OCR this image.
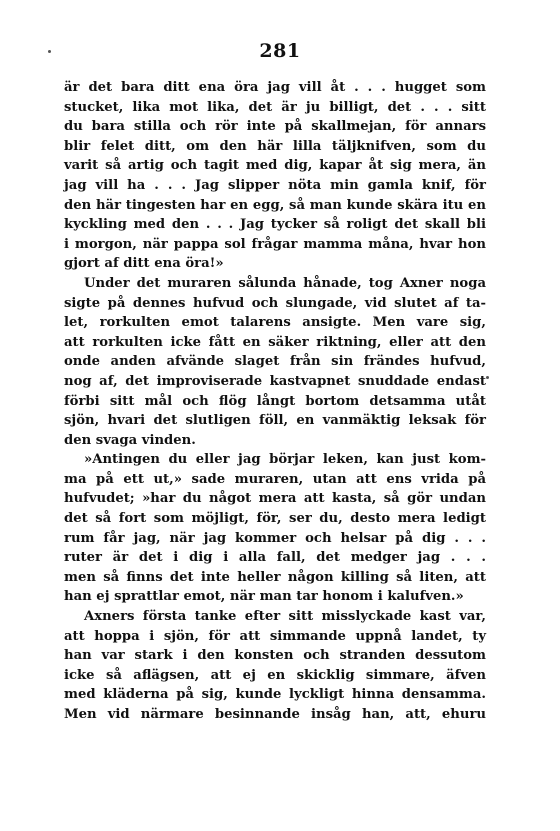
281
är det bara ditt ena öra jag vill åt . . . hugget som
stucket, lika mot lika, det är ju billigt, det . . . sitt
du bara stilla och rör inte på skallmejan, för annars
blir felet ditt, om den här lilla täljknifven, som du
varit så artig och tagit med dig, kapar åt sig mera, än
jag vill ha . . . Jag slipper nöta min gamla knif, för
den här tingesten har en egg, så man kunde skära itu en
kyckling med den . . . Jag tycker så roligt det skall bli
i morgon, när pappa sol frågar mamma måna, hvar hon
gjort af ditt ena öra!»
Under det muraren sålunda hånade, tog Axner noga
sigte på dennes hufvud och slungade, vid slutet af ta-
let, rorkulten emot talarens ansigte. Men vare sig,
att rorkulten icke fått en säker riktning, eller att den
onde anden afvände slaget från sin frändes hufvud,
nog af, det improviserade kastvapnet snuddade endast
förbi sitt mål och flög långt bortom detsamma utåt
sjön, hvari det slutligen föll, en vanmäktig leksak för
den svaga vinden.
»Antingen du eller jag börjar leken, kan just kom-
ma på ett ut,» sade muraren, utan att ens vrida på
hufvudet; »har du något mera att kasta, så gör undan
det så fort som möjligt, för, ser du, desto mera ledigt
rum får jag, när jag kommer och helsar på dig . . .
ruter är det i dig i alla fall, det medger jag . . .
men så finns det inte heller någon killing så liten, att
han ej sprattlar emot, när man tar honom i kalufven.»
Axners första tanke efter sitt misslyckade kast var,
att hoppa i sjön, för att simmande uppnå landet, ty
han var stark i den konsten och stranden dessutom
icke så aflägsen, att ej en skicklig simmare, äfven
med kläderna på sig, kunde lyckligt hinna densamma.
Men vid närmare besinnande insåg han, att, ehuru
